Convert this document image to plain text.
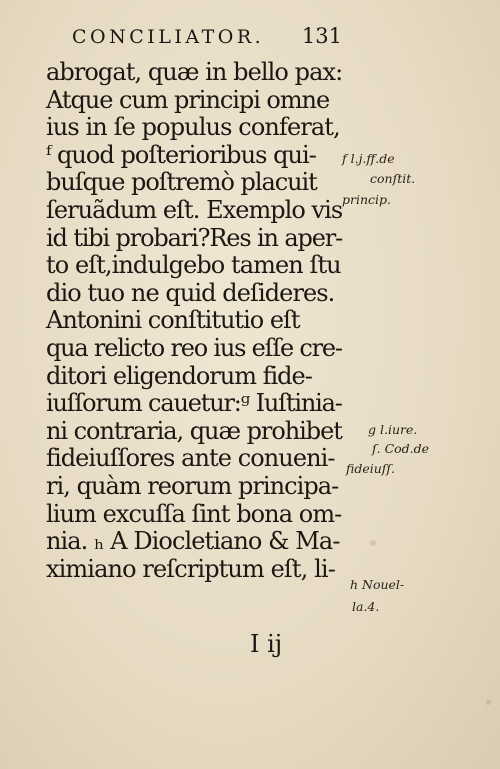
CONCILIATOR. 131
abrogat, quæ in bello pax:
Atque cum principi omne
ius in ſe populus conferat,
ᶠ quod poſterioribus qui-
buſque poſtremò placuit
ſeruãdum eſt. Exemplo vis
id tibi probari?Res in aper-
to eſt,indulgebo tamen ſtu
dio tuo ne quid deſideres.
Antonini conſtitutio eſt
qua relicto reo ius eſſe cre-
ditori eligendorum fide-
iuſſorum cauetur:ᵍ Iuſtinia-
ni contraria, quæ prohibet
fideiuſſores ante conueni-
ri, quàm reorum principa-
lium excuſſa ſint bona om-
nia. ₕ A Diocletiano & Ma-
ximiano reſcriptum eſt, li-
f l.j.ff.de
conſtit.
princip.
g l.iure.
ſ. Cod.de
fideiuſſ.
h Nouel-
la.4.
I ij
